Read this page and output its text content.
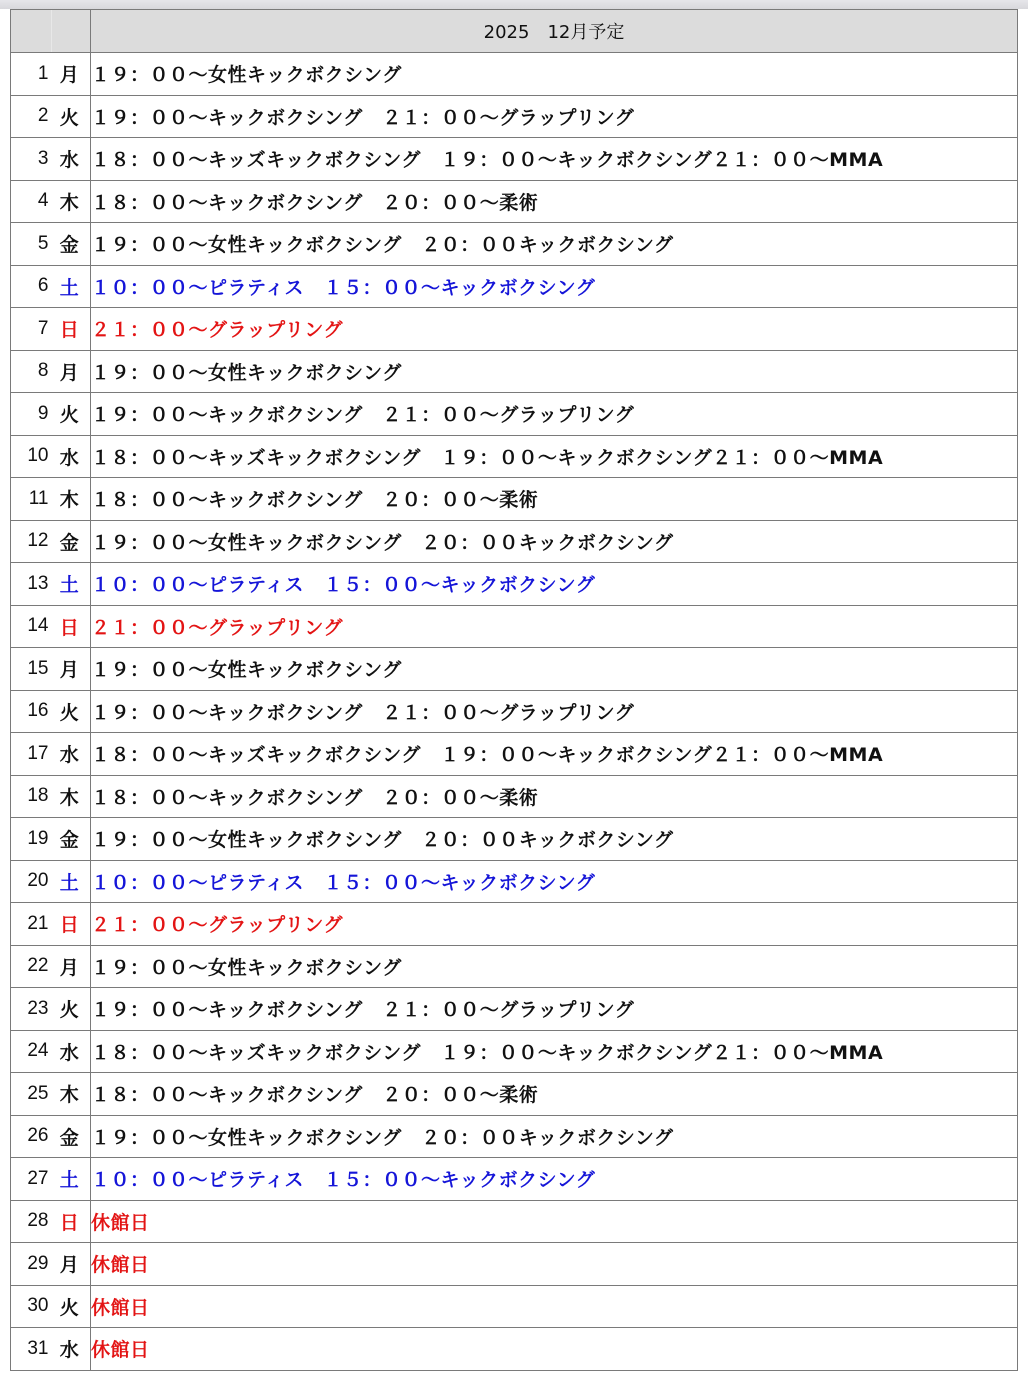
		2025　12月予定
1	月	１９：００〜女性キックボクシング
2	火	１９：００〜キックボクシング　２１：００〜グラップリング
3	水	１８：００〜キッズキックボクシング　１９：００〜キックボクシング２１：００〜MMA
4	木	１８：００〜キックボクシング　２０：００〜柔術
5	金	１９：００〜女性キックボクシング　２０：００キックボクシング
6	土	１０：００〜ピラティス　１５：００〜キックボクシング
7	日	２１：００〜グラップリング
8	月	１９：００〜女性キックボクシング
9	火	１９：００〜キックボクシング　２１：００〜グラップリング
10	水	１８：００〜キッズキックボクシング　１９：００〜キックボクシング２１：００〜MMA
11	木	１８：００〜キックボクシング　２０：００〜柔術
12	金	１９：００〜女性キックボクシング　２０：００キックボクシング
13	土	１０：００〜ピラティス　１５：００〜キックボクシング
14	日	２１：００〜グラップリング
15	月	１９：００〜女性キックボクシング
16	火	１９：００〜キックボクシング　２１：００〜グラップリング
17	水	１８：００〜キッズキックボクシング　１９：００〜キックボクシング２１：００〜MMA
18	木	１８：００〜キックボクシング　２０：００〜柔術
19	金	１９：００〜女性キックボクシング　２０：００キックボクシング
20	土	１０：００〜ピラティス　１５：００〜キックボクシング
21	日	２１：００〜グラップリング
22	月	１９：００〜女性キックボクシング
23	火	１９：００〜キックボクシング　２１：００〜グラップリング
24	水	１８：００〜キッズキックボクシング　１９：００〜キックボクシング２１：００〜MMA
25	木	１８：００〜キックボクシング　２０：００〜柔術
26	金	１９：００〜女性キックボクシング　２０：００キックボクシング
27	土	１０：００〜ピラティス　１５：００〜キックボクシング
28	日	休館日
29	月	休館日
30	火	休館日
31	水	休館日
